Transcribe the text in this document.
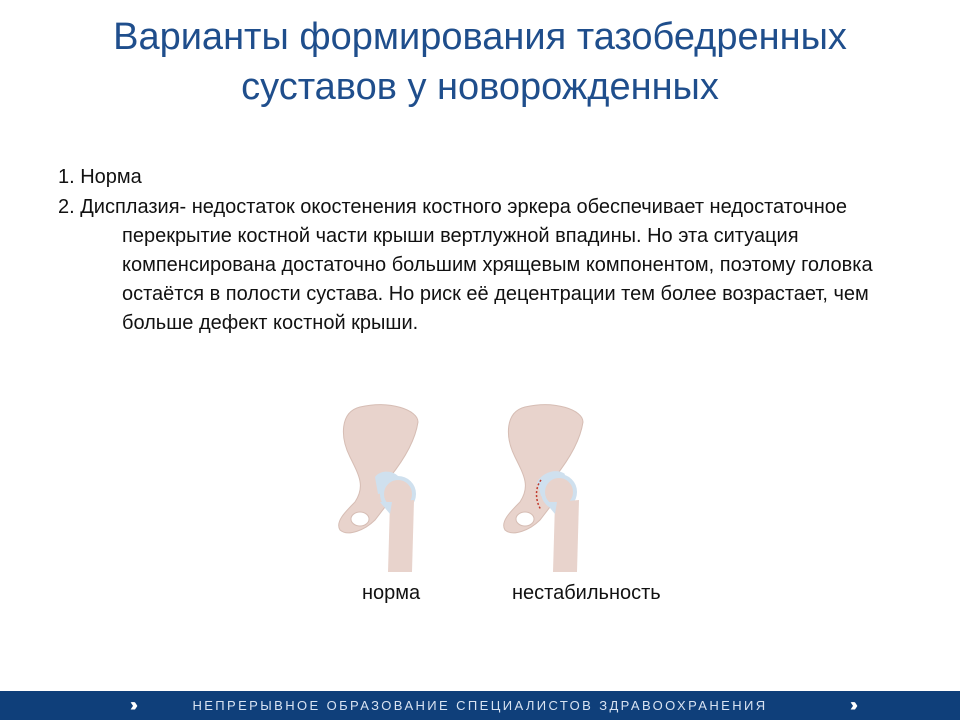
Варианты формирования тазобедренных
суставов у новорожденных

1. Норма

2. Дисплазия- недостаток окостенения костного эркера обеспечивает недостаточное перекрытие костной части крыши вертлужной впадины. Но эта ситуация компенсирована достаточно большим хрящевым компонентом, поэтому головка остаётся в полости сустава. Но риск её децентрации тем более возрастает, чем больше дефект костной крыши.

норма	нестабильность
›››	НЕПРЕРЫВНОЕ ОБРАЗОВАНИЕ СПЕЦИАЛИСТОВ ЗДРАВООХРАНЕНИЯ	›››
